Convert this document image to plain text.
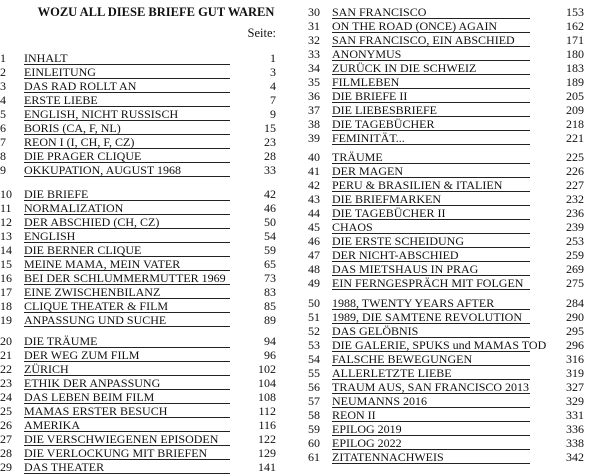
WOZU ALL DIESE BRIEFE GUT WAREN
Seite:
1	INHALT	1
2	EINLEITUNG	3
3	DAS RAD ROLLT AN	4
4	ERSTE LIEBE	7
5	ENGLISH, NICHT RUSSISCH	9
6	BORIS (CA, F, NL)	15
7	REON I (I, CH, F, CZ)	23
8	DIE PRAGER CLIQUE	28
9	OKKUPATION, AUGUST 1968	33
10	DIE BRIEFE	42
11	NORMALIZATION	46
12	DER ABSCHIED (CH, CZ)	50
13	ENGLISH	54
14	DIE BERNER CLIQUE	59
15	MEINE MAMA, MEIN VATER	65
16	BEI DER SCHLUMMERMUTTER 1969	73
17	EINE ZWISCHENBILANZ	83
18	CLIQUE THEATER & FILM	85
19	ANPASSUNG UND SUCHE	89
20	DIE TRÄUME	94
21	DER WEG ZUM FILM	96
22	ZÜRICH	102
23	ETHIK DER ANPASSUNG	104
24	DAS LEBEN BEIM FILM	108
25	MAMAS ERSTER BESUCH	112
26	AMERIKA	116
27	DIE VERSCHWIEGENEN EPISODEN	122
28	DIE VERLOCKUNG MIT BRIEFEN	129
29	DAS THEATER	141
30	SAN FRANCISCO	153
31	ON THE ROAD (ONCE) AGAIN	162
32	SAN FRANCISCO, EIN ABSCHIED	171
33	ANONYMUS	180
34	ZURÜCK IN DIE SCHWEIZ	183
35	FILMLEBEN	189
36	DIE BRIEFE II	205
37	DIE LIEBESBRIEFE	209
38	DIE TAGEBÜCHER	218
39	FEMINITÄT...	221
40	TRÄUME	225
41	DER MAGEN	226
42	PERU & BRASILIEN & ITALIEN	227
43	DIE BRIEFMARKEN	232
44	DIE TAGEBÜCHER II	236
45	CHAOS	239
46	DIE ERSTE SCHEIDUNG	253
47	DER NICHT-ABSCHIED	259
48	DAS MIETSHAUS IN PRAG	269
49	EIN FERNGESPRÄCH MIT FOLGEN	275
50	1988, TWENTY YEARS AFTER	284
51	1989, DIE SAMTENE REVOLUTION	290
52	DAS GELÖBNIS	295
53	DIE GALERIE, SPUKS und MAMAS TOD	296
54	FALSCHE BEWEGUNGEN	316
55	ALLERLETZTE LIEBE	319
56	TRAUM AUS, SAN FRANCISCO 2013	327
57	NEUMANNS 2016	329
58	REON II	331
59	EPILOG 2019	336
60	EPILOG 2022	338
61	ZITATENNACHWEIS	342
